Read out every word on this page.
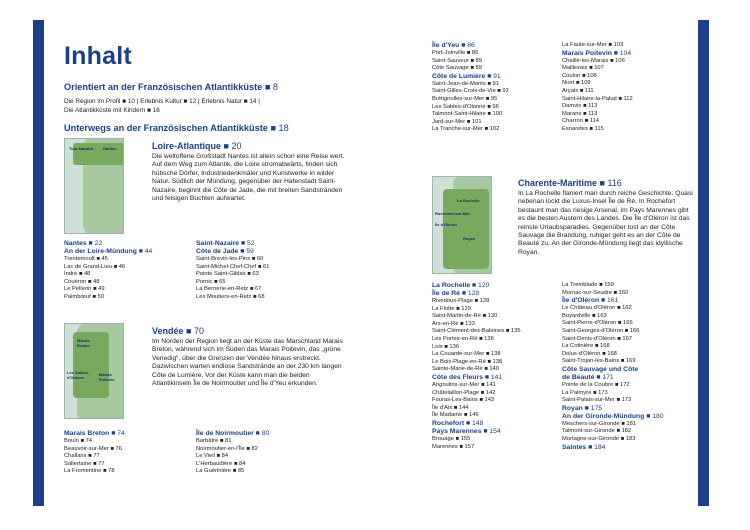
Inhalt
Orientiert an der Französischen Atlantikküste ■ 8
Die Region im Profil ■ 10 | Erlebnis Kultur ■ 12 | Erlebnis Natur ■ 14 |
Die Atlantikküste mit Kindern ■ 16
Unterwegs an der Französischen Atlantikküste ■ 18
Tour-Nazaire Nantes	Loire-Atlantique ■ 20
Die weltoffene Großstadt Nantes ist allein schon eine Reise wert. Auf dem Weg zum Atlantik, die Loire stromabwärts, finden sich hübsche Dörfer, Industriedenkmäler und Kunstwerke in wilder Natur. Südlich der Mündung, gegenüber der Hafenstadt Saint-Nazaire, beginnt die Côte de Jade, die mit breiten Sandstränden und felsigen Buchten aufwartet.
Nantes ■ 22
An der Loire-Mündung ■ 44
Trentemoult ■ 45
Lac de Grand-Lieu ■ 46
Indre ■ 48
Couëron ■ 48
Le Pellerin ■ 49
Paimbœuf ■ 50
Saint-Nazaire ■ 52
Côte de Jade ■ 59
Saint-Brevin-les-Pins ■ 60
Saint-Michel-Chef-Chef ■ 61
Pointe Saint-Gildas ■ 63
Pornic ■ 65
La Bernerie-en-Retz ■ 67
Les Moutiers-en-Retz ■ 68
Marais Breton
Les Sables-d'Olonne
Marais Poitevin
Vendée ■ 70
Im Norden der Region liegt an der Küste das Marschland Marais Breton, während sich im Süden das Marais Poitevin, das „grüne Venedig“, über die Grenzen der Vendée hinaus erstreckt. Dazwischen warten endlose Sandstrände an der 230 km langen Côte de Lumière. Vor der Küste kann man die beiden Atlantikinseln Île de Noirmoutier und Île d'Yeu erkunden.
Marais Breton ■ 74
Bouin ■ 74
Beauvoir-sur-Mer ■ 76
Challans ■ 77
Sallertaine ■ 77
La Fromentine ■ 78
Île de Noirmoutier ■ 80
Barbâtre ■ 81
Noirmoutier-en-l'Île ■ 82
Le Vieil ■ 84
L'Herbaudière ■ 84
La Guérinière ■ 85
Île d'Yeu ■ 86
Port-Joinville ■ 86
Saint-Sauveur ■ 89
Côte Sauvage ■ 89
Côte de Lumière ■ 91
Saint-Jean-de-Monts ■ 91
Saint-Gilles-Croix-de-Vie ■ 92
Brétignolles-sur-Mer ■ 95
Les Sables-d'Olonne ■ 96
Talmont-Saint-Hilaire ■ 100
Jard-sur-Mer ■ 101
La Tranche-sur-Mer ■ 102
La Faute-sur-Mer ■ 103
Marais Poitevin ■ 104
Chaillé-les-Marais ■ 106
Maillezais ■ 107
Coulon ■ 108
Niort ■ 109
Arçais ■ 111
Saint-Hilaire-la-Palud ■ 112
Damvix ■ 113
Marans ■ 113
Charron ■ 114
Esnandes ■ 115
La Rochelle
Rochefort-sur-Mer
Île d'Oléron
Royan
Charente-Maritime ■ 116
In La Rochelle flaniert man durch reiche Geschichte. Quasi nebenan lockt die Luxus-Insel Île de Ré. In Rochefort bestaunt man das riesige Arsenal, im Pays Marennes gibt es die besten Austern des Landes. Die Île d'Oléron ist das reinste Urlaubsparadies. Gegenüber tost an der Côte Sauvage die Brandung, ruhiger geht es an der Côte de Beauté zu. An der Gironde-Mündung liegt das idyllische Royan.
La Rochelle ■ 120
Île de Ré ■ 128
Rivedoux-Plage ■ 128
La Flotte ■ 129
Saint-Martin-de-Ré ■ 130
Ars-en-Ré ■ 133
Saint-Clément-des-Baleines ■ 135
Les Portes-en-Ré ■ 136
Loix ■ 136
La Couarde-sur-Mer ■ 138
Le Bois-Plage-en-Ré ■ 138
Sainte-Marie-de-Ré ■ 140
Côte des Fleurs ■ 141
Angoulins-sur-Mer ■ 141
Châtelaillon-Plage ■ 142
Fouras-Les-Bains ■ 143
Île d'Aix ■ 144
Île Madame ■ 146
Rochefort ■ 148
Pays Marennes ■ 154
Brouage ■ 155
Marennes ■ 157
La Tremblade ■ 159
Mornac-sur-Seudre ■ 160
Île d'Oléron ■ 161
Le Château d'Oléron ■ 162
Boyardville ■ 163
Saint-Pierre-d'Oléron ■ 165
Saint-Georges-d'Oléron ■ 166
Saint-Denis-d'Oléron ■ 167
La Cotinière ■ 168
Dolus-d'Oléron ■ 168
Saint-Trojan-les-Bains ■ 169
Côte Sauvage und Côte
de Beauté ■ 171
Pointe de la Coubre ■ 172
La Palmyre ■ 173
Saint-Palais-sur-Mer ■ 173
Royan ■ 175
An der Gironde-Mündung ■ 180
Meschers-sur-Gironde ■ 181
Talmont-sur-Gironde ■ 182
Mortagne-sur-Gironde ■ 183
Saintes ■ 184
